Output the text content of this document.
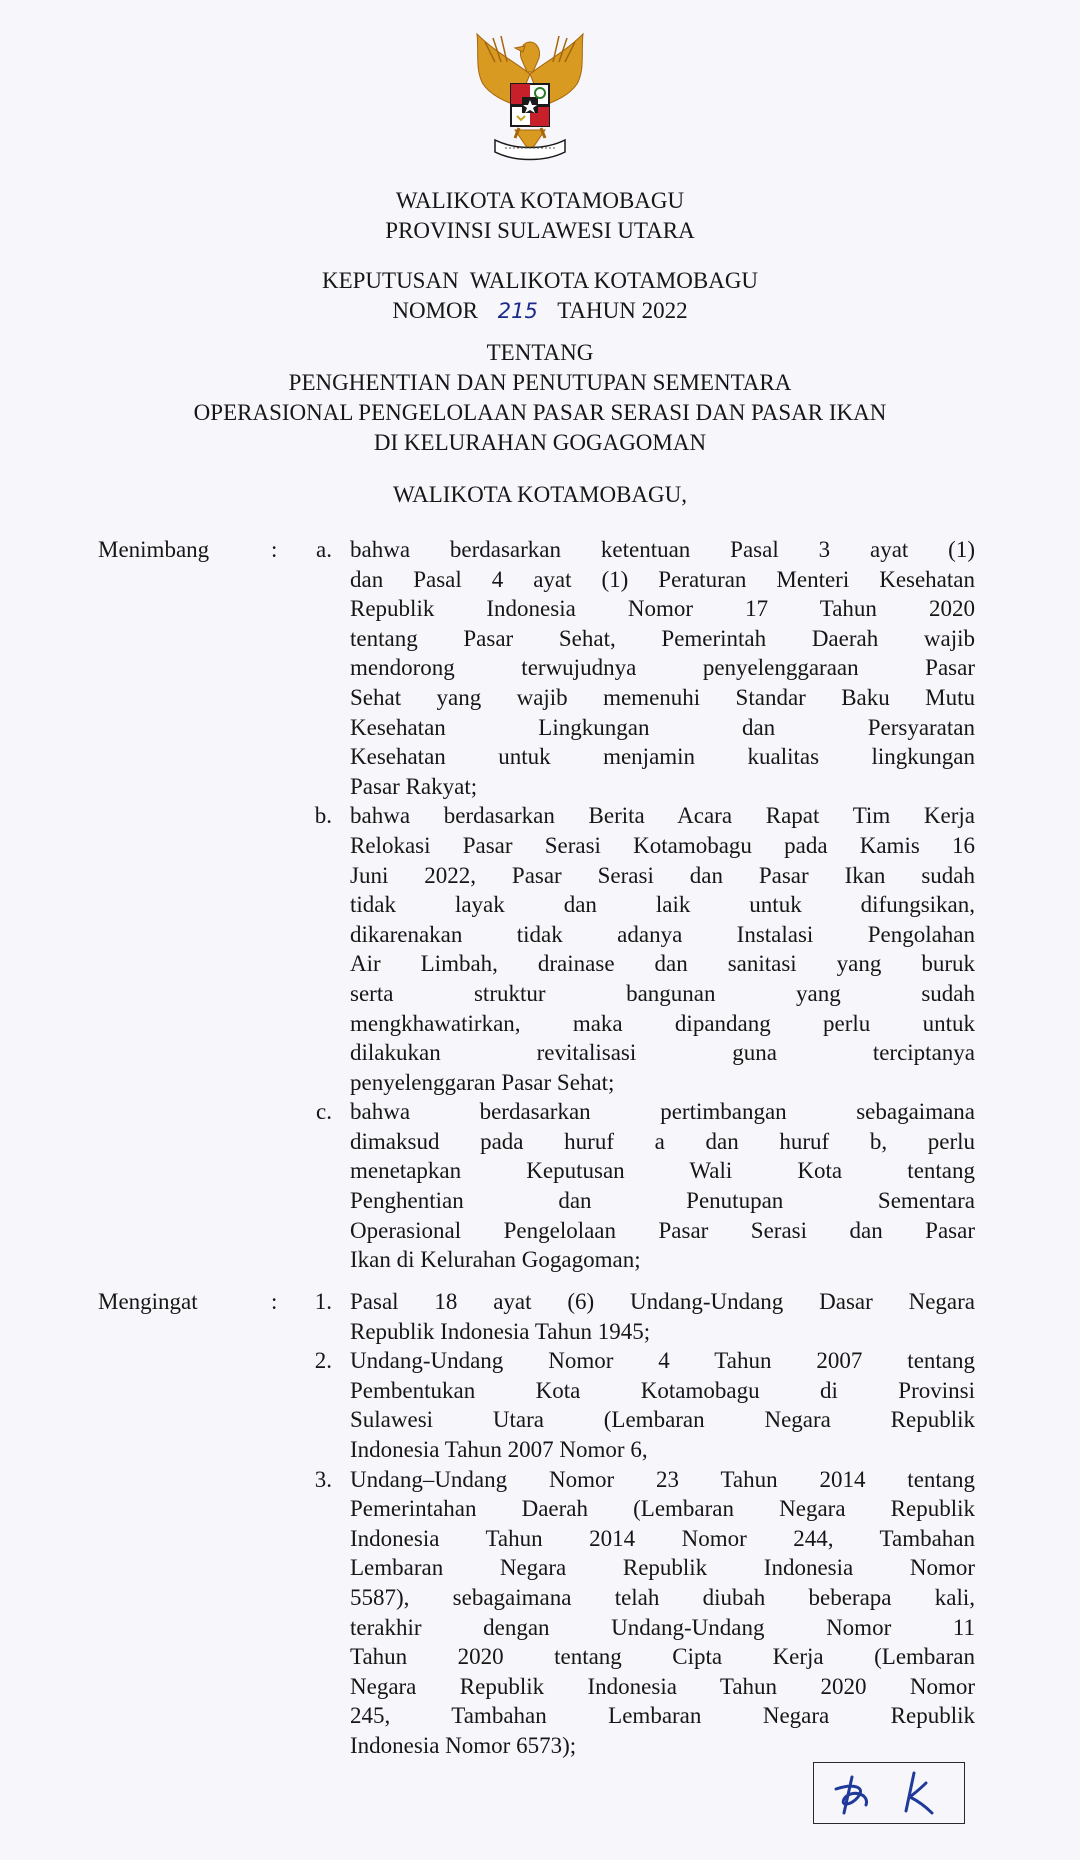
WALIKOTA KOTAMOBAGU
PROVINSI SULAWESI UTARA
KEPUTUSAN  WALIKOTA KOTAMOBAGU
NOMOR 215 TAHUN 2022
TENTANG
PENGHENTIAN DAN PENUTUPAN SEMENTARA
OPERASIONAL PENGELOLAAN PASAR SERASI DAN PASAR IKAN
DI KELURAHAN GOGAGOMAN
WALIKOTA KOTAMOBAGU,
Menimbang	:	a. bahwa berdasarkan ketentuan Pasal 3 ayat (1)
dan Pasal 4 ayat (1) Peraturan Menteri Kesehatan
Republik Indonesia Nomor 17 Tahun 2020
tentang Pasar Sehat, Pemerintah Daerah wajib
mendorong terwujudnya penyelenggaraan Pasar
Sehat yang wajib memenuhi Standar Baku Mutu
Kesehatan Lingkungan dan Persyaratan
Kesehatan untuk menjamin kualitas lingkungan
Pasar Rakyat;
b. bahwa berdasarkan Berita Acara Rapat Tim Kerja
Relokasi Pasar Serasi Kotamobagu pada Kamis 16
Juni 2022, Pasar Serasi dan Pasar Ikan sudah
tidak layak dan laik untuk difungsikan,
dikarenakan tidak adanya Instalasi Pengolahan
Air Limbah, drainase dan sanitasi yang buruk
serta struktur bangunan yang sudah
mengkhawatirkan, maka dipandang perlu untuk
dilakukan revitalisasi guna terciptanya
penyelenggaran Pasar Sehat;
c. bahwa berdasarkan pertimbangan sebagaimana
dimaksud pada huruf a dan huruf b, perlu
menetapkan Keputusan Wali Kota tentang
Penghentian dan Penutupan Sementara
Operasional Pengelolaan Pasar Serasi dan Pasar
Ikan di Kelurahan Gogagoman;
Mengingat	:	1. Pasal 18 ayat (6) Undang-Undang Dasar Negara
Republik Indonesia Tahun 1945;
2. Undang-Undang Nomor 4 Tahun 2007 tentang
Pembentukan Kota Kotamobagu di Provinsi
Sulawesi Utara (Lembaran Negara Republik
Indonesia Tahun 2007 Nomor 6,
3. Undang–Undang Nomor 23 Tahun 2014 tentang
Pemerintahan Daerah (Lembaran Negara Republik
Indonesia Tahun 2014 Nomor 244, Tambahan
Lembaran Negara Republik Indonesia Nomor
5587), sebagaimana telah diubah beberapa kali,
terakhir dengan Undang-Undang Nomor 11
Tahun 2020 tentang Cipta Kerja (Lembaran
Negara Republik Indonesia Tahun 2020 Nomor
245, Tambahan Lembaran Negara Republik
Indonesia Nomor 6573);
